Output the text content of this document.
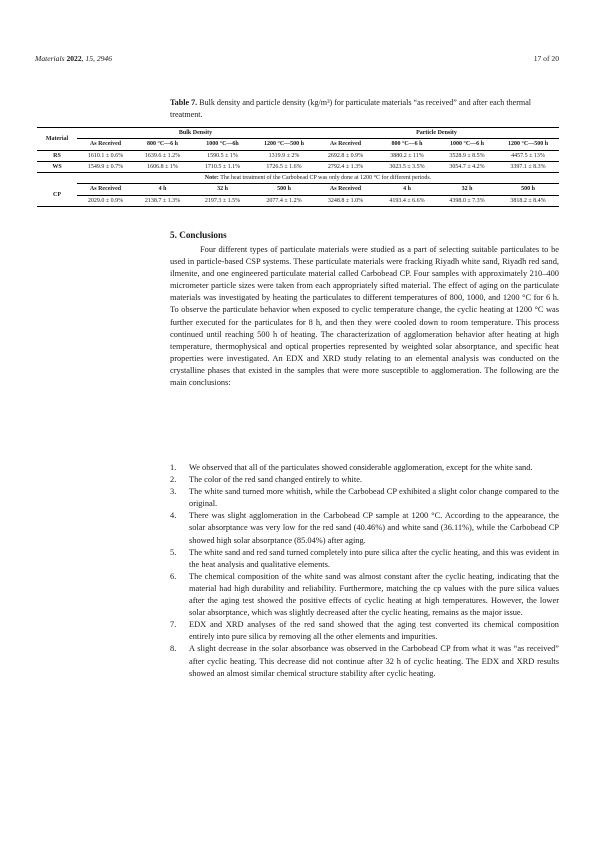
Materials 2022, 15, 2946	17 of 20
Table 7. Bulk density and particle density (kg/m³) for particulate materials “as received” and after each thermal treatment.
Material	Bulk Density				Particle Density			
	As Received	800 °C—6 h	1000 °C—6h	1200 °C—500 h	As Received	800 °C—6 h	1000 °C—6 h	1200 °C—500 h
RS	1610.1 ± 0.6%	1639.6 ± 1.2%	1590.5 ± 1%	1319.9 ± 2%	2692.8 ± 0.9%	3880.2 ± 11%	3528.9 ± 8.5%	4457.5 ± 13%
WS	1549.9 ± 0.7%	1606.8 ± 1%	1710.5 ± 1.1%	1726.5 ± 1.6%	2792.4 ± 1.3%	3023.5 ± 3.5%	3054.7 ± 4.2%	3397.1 ± 8.3%
	Note: The heat treatment of the Carbobead CP was only done at 1200 °C for different periods.							
CP	As Received	4 h	32 h	500 h	As Received	4 h	32 h	500 h
	2029.0 ± 0.9%	2138.7 ± 1.3%	2197.3 ± 1.5%	2077.4 ± 1.2%	3248.8 ± 1.0%	4193.4 ± 6.6%	4398.0 ± 7.3%	3818.2 ± 8.4%
5. Conclusions

Four different types of particulate materials were studied as a part of selecting suitable particulates to be used in particle-based CSP systems. These particulate materials were fracking Riyadh white sand, Riyadh red sand, ilmenite, and one engineered particulate material called Carbobead CP. Four samples with approximately 210–400 micrometer particle sizes were taken from each appropriately sifted material. The effect of aging on the particulate materials was investigated by heating the particulates to different temperatures of 800, 1000, and 1200 °C for 6 h. To observe the particulate behavior when exposed to cyclic temperature change, the cyclic heating at 1200 °C was further executed for the particulates for 8 h, and then they were cooled down to room temperature. This process continued until reaching 500 h of heating. The characterization of agglomeration behavior after heating at high temperature, thermophysical and optical properties represented by weighted solar absorptance, and specific heat properties were investigated. An EDX and XRD study relating to an elemental analysis was conducted on the crystalline phases that existed in the samples that were more susceptible to agglomeration. The following are the main conclusions:

1.	We observed that all of the particulates showed considerable agglomeration, except for the white sand.
2.	The color of the red sand changed entirely to white.
3.	The white sand turned more whitish, while the Carbobead CP exhibited a slight color change compared to the original.
4.	There was slight agglomeration in the Carbobead CP sample at 1200 °C. According to the appearance, the solar absorptance was very low for the red sand (40.46%) and white sand (36.11%), while the Carbobead CP showed high solar absorptance (85.04%) after aging.
5.	The white sand and red sand turned completely into pure silica after the cyclic heating, and this was evident in the heat analysis and qualitative elements.
6.	The chemical composition of the white sand was almost constant after the cyclic heating, indicating that the material had high durability and reliability. Furthermore, matching the cp values with the pure silica values after the aging test showed the positive effects of cyclic heating at high temperatures. However, the lower solar absorptance, which was slightly decreased after the cyclic heating, remains as the major issue.
7.	EDX and XRD analyses of the red sand showed that the aging test converted its chemical composition entirely into pure silica by removing all the other elements and impurities.
8.	A slight decrease in the solar absorbance was observed in the Carbobead CP from what it was “as received” after cyclic heating. This decrease did not continue after 32 h of cyclic heating. The EDX and XRD results showed an almost similar chemical structure stability after cyclic heating.
